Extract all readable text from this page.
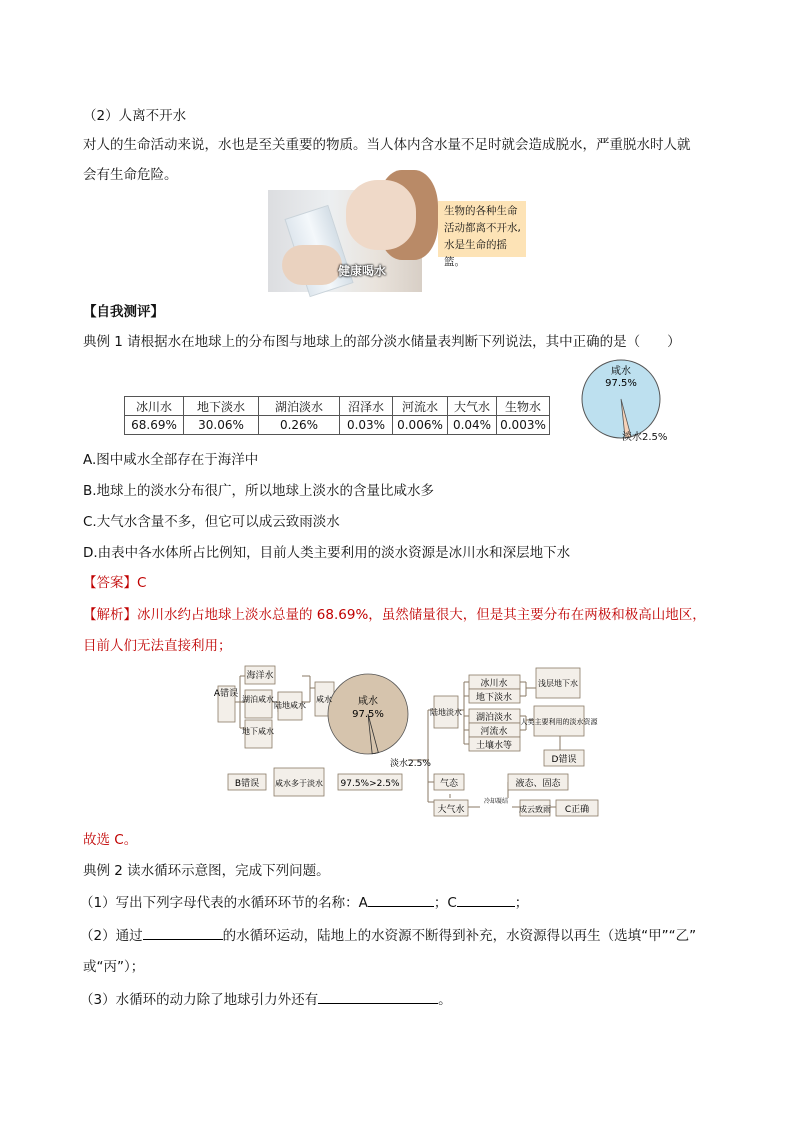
（2）人离不开水
对人的生命活动来说，水也是至关重要的物质。当人体内含水量不足时就会造成脱水，严重脱水时人就
会有生命危险。
健康喝水
生物的各种生命
活动都离不开水,
水是生命的摇篮。
【自我测评】
典例 1 请根据水在地球上的分布图与地球上的部分淡水储量表判断下列说法，其中正确的是（　　）
咸水
97.5%
淡水2.5%
冰川水	地下淡水	湖泊淡水	沼泽水	河流水	大气水	生物水
68.69%	30.06%	0.26%	0.03%	0.006%	0.04%	0.003%
A.图中咸水全部存在于海洋中
B.地球上的淡水分布很广，所以地球上淡水的含量比咸水多
C.大气水含量不多，但它可以成云致雨淡水
D.由表中各水体所占比例知，目前人类主要利用的淡水资源是冰川水和深层地下水
【答案】C
【解析】冰川水约占地球上淡水总量的 68.69%，虽然储量很大，但是其主要分布在两极和极高山地区，
目前人们无法直接利用；
A错误
海洋水
湖泊咸水
地下咸水
陆地咸水
咸水	咸水
97.5%
淡水2.5%
陆地淡水
冰川水
地下淡水
湖泊淡水
河流水
土壤水等
浅层地下水
人类主要利用的淡水资源
D错误
B错误 咸水多于淡水 97.5%>2.5%	气态	液态、固态
大气水
冷却凝结
成云致雨 C正确
故选 C。
典例 2 读水循环示意图，完成下列问题。
（1）写出下列字母代表的水循环环节的名称：A	；C	；
（2）通过	的水循环运动，陆地上的水资源不断得到补充，水资源得以再生（选填“甲”“乙”
或“丙”）；
（3）水循环的动力除了地球引力外还有	。
